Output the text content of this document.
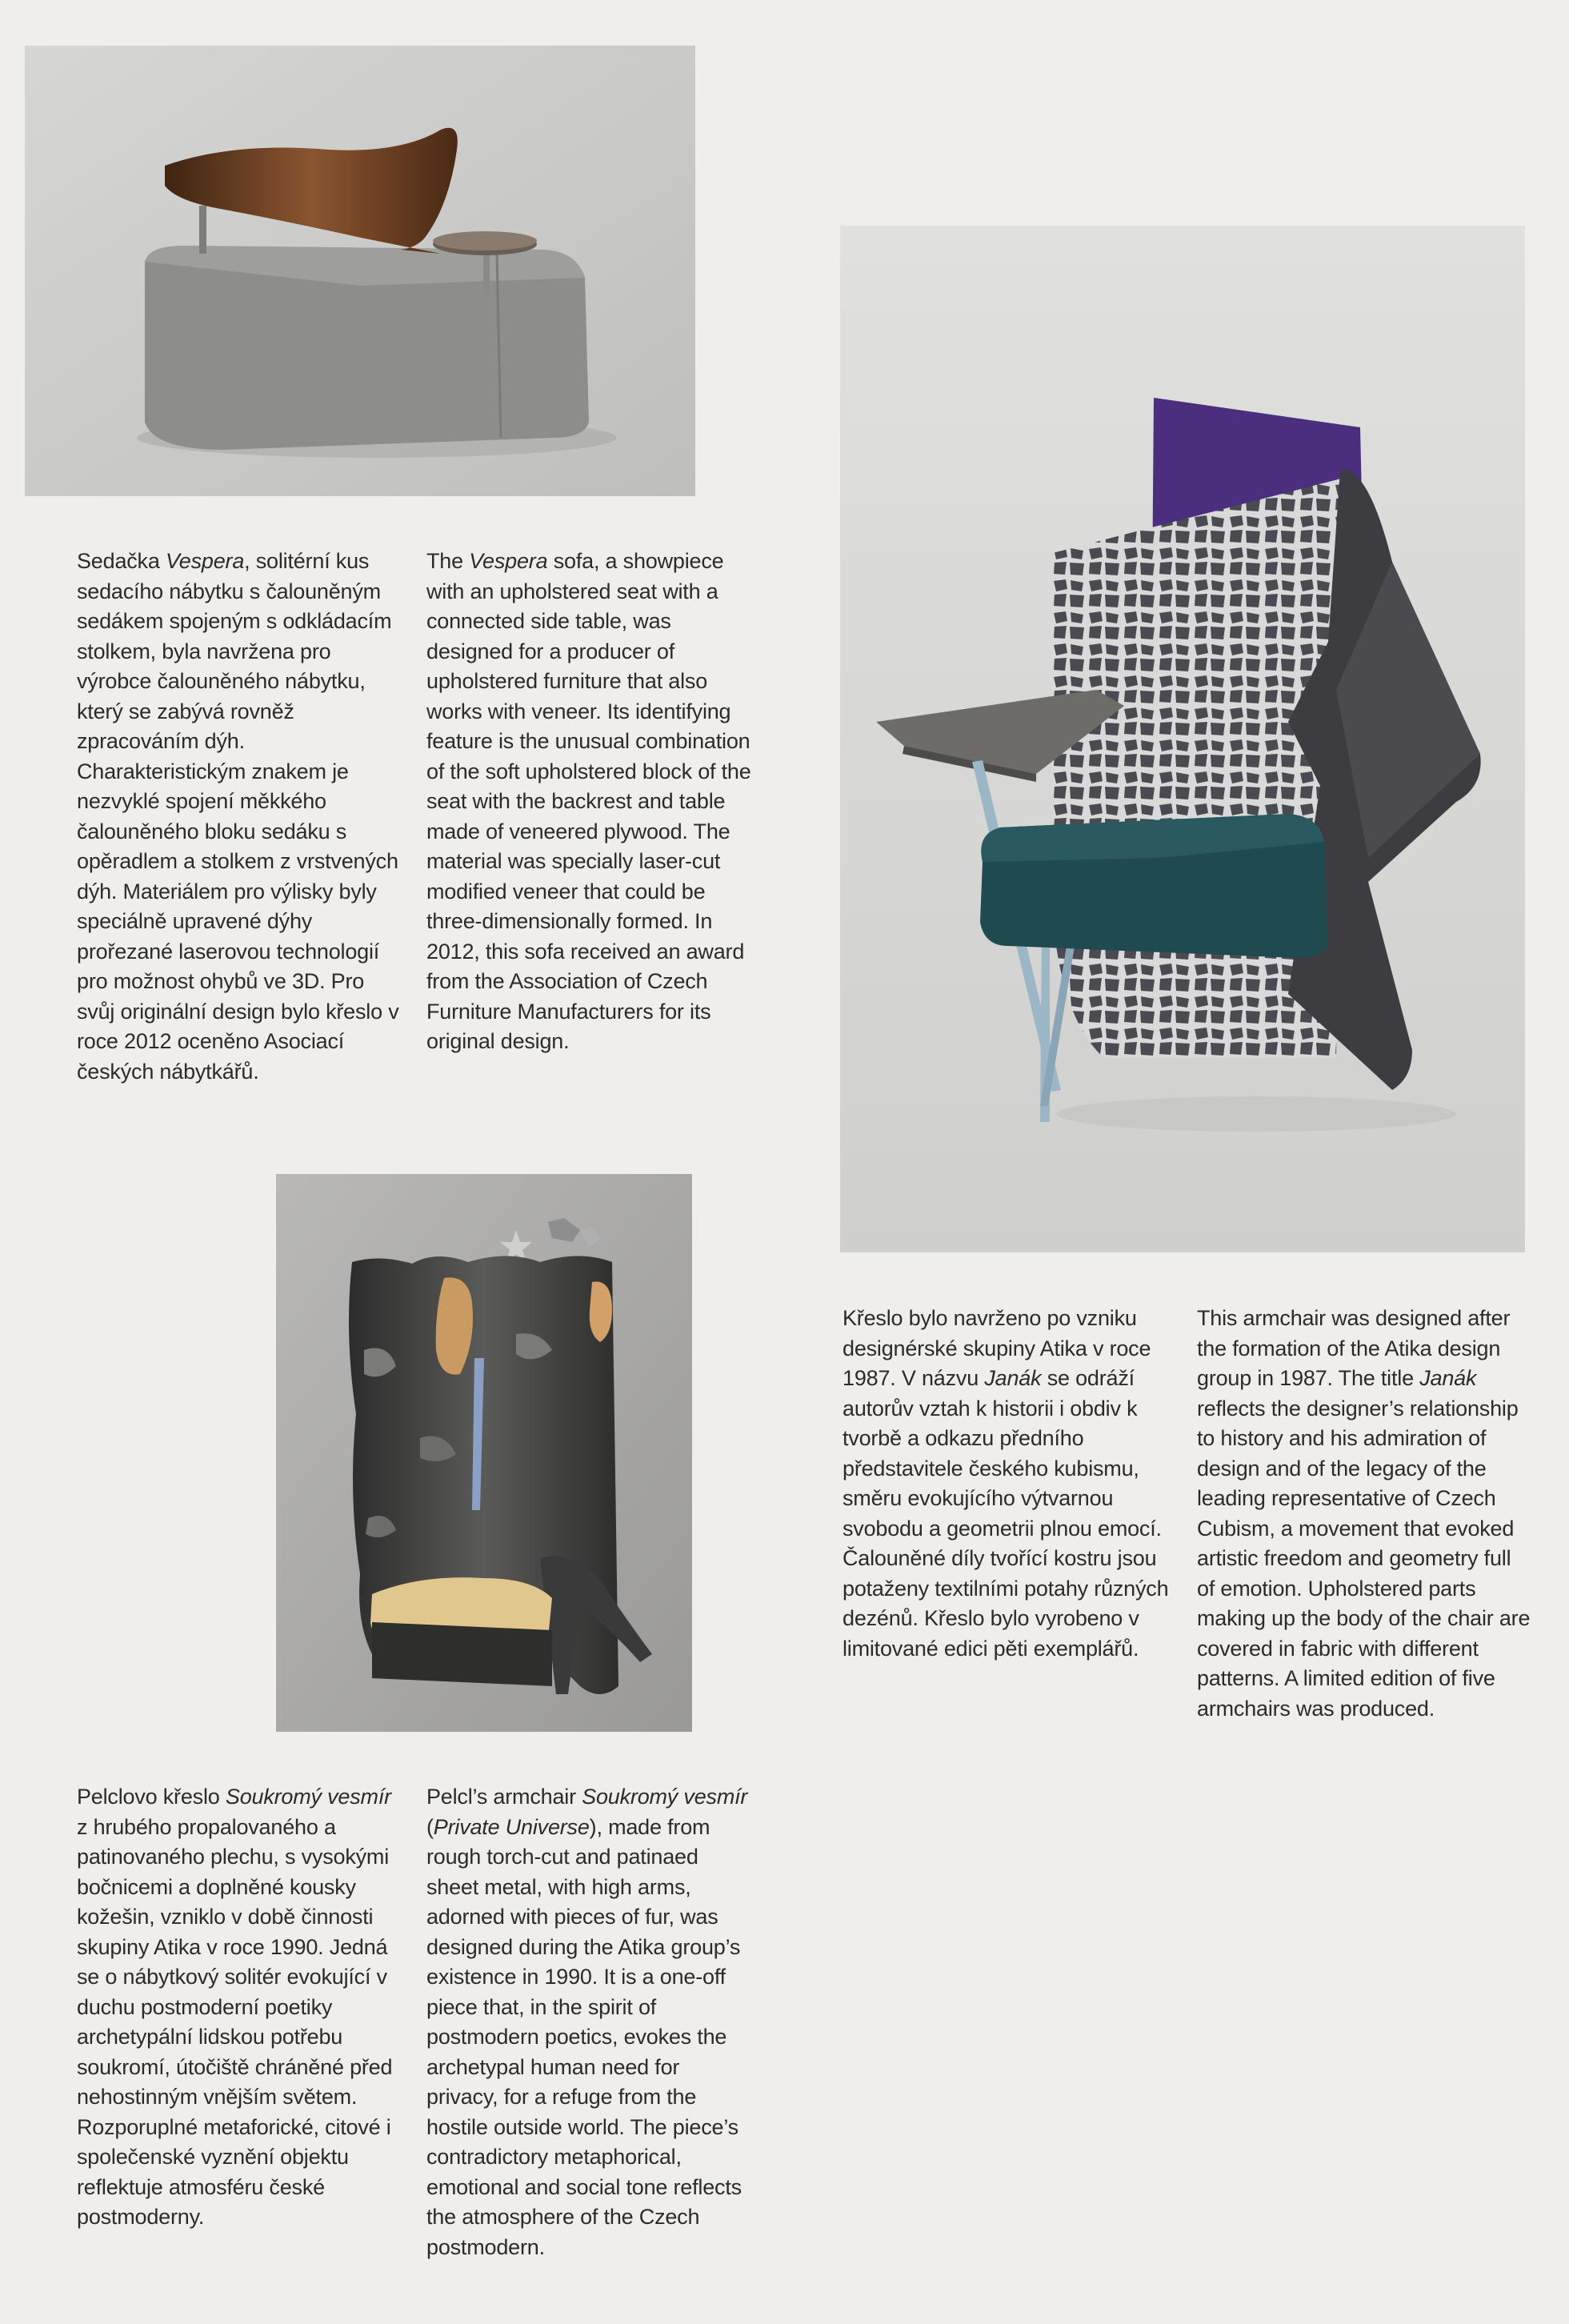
Sedačka Vespera, solitérní kus sedacího nábytku s čalouněným sedákem spojeným s odkládacím stolkem, byla navržena pro výrobce čalouněného nábytku, který se zabývá rovněž zpracováním dýh. Charakteristickým znakem je nezvyklé spojení měkkého čalouněného bloku sedáku s opěradlem a stolkem z vrstvených dýh. Materiálem pro výlisky byly speciálně upravené dýhy prořezané laserovou technologií pro možnost ohybů ve 3D. Pro svůj originální design bylo křeslo v roce 2012 oceněno Asociací českých nábytkářů.

The Vespera sofa, a showpiece with an upholstered seat with a connected side table, was designed for a producer of upholstered furniture that also works with veneer. Its identifying feature is the unusual combination of the soft upholstered block of the seat with the backrest and table made of veneered plywood. The material was specially laser-cut modified veneer that could be three-dimensionally formed. In 2012, this sofa received an award from the Association of Czech Furniture Manufacturers for its original design.

Pelclovo křeslo Soukromý vesmír z hrubého propalovaného a patinovaného plechu, s vysokými bočnicemi a doplněné kousky kožešin, vzniklo v době činnosti skupiny Atika v roce 1990. Jedná se o nábytkový solitér evokující v duchu postmoderní poetiky archetypální lidskou potřebu soukromí, útočiště chráněné před nehostinným vnějším světem. Rozporuplné metaforické, citové i společenské vyznění objektu reflektuje atmosféru české postmoderny.

Pelcl’s armchair Soukromý vesmír (Private Universe), made from rough torch-cut and patinaed sheet metal, with high arms, adorned with pieces of fur, was designed during the Atika group’s existence in 1990. It is a one-off piece that, in the spirit of postmodern poetics, evokes the archetypal human need for privacy, for a refuge from the hostile outside world. The piece’s contradictory metaphorical, emotional and social tone reflects the atmosphere of the Czech postmodern.

Křeslo bylo navrženo po vzniku designérské skupiny Atika v roce 1987. V názvu Janák se odráží autorův vztah k historii i obdiv k tvorbě a odkazu předního představitele českého kubismu, směru evokujícího výtvarnou svobodu a geometrii plnou emocí. Čalouněné díly tvořící kostru jsou potaženy textilními potahy různých dezénů. Křeslo bylo vyrobeno v limitované edici pěti exemplářů.

This armchair was designed after the formation of the Atika design group in 1987. The title Janák reflects the designer’s relationship to history and his admiration of design and of the legacy of the leading representative of Czech Cubism, a movement that evoked artistic freedom and geometry full of emotion. Upholstered parts making up the body of the chair are covered in fabric with different patterns. A limited edition of five armchairs was produced.
